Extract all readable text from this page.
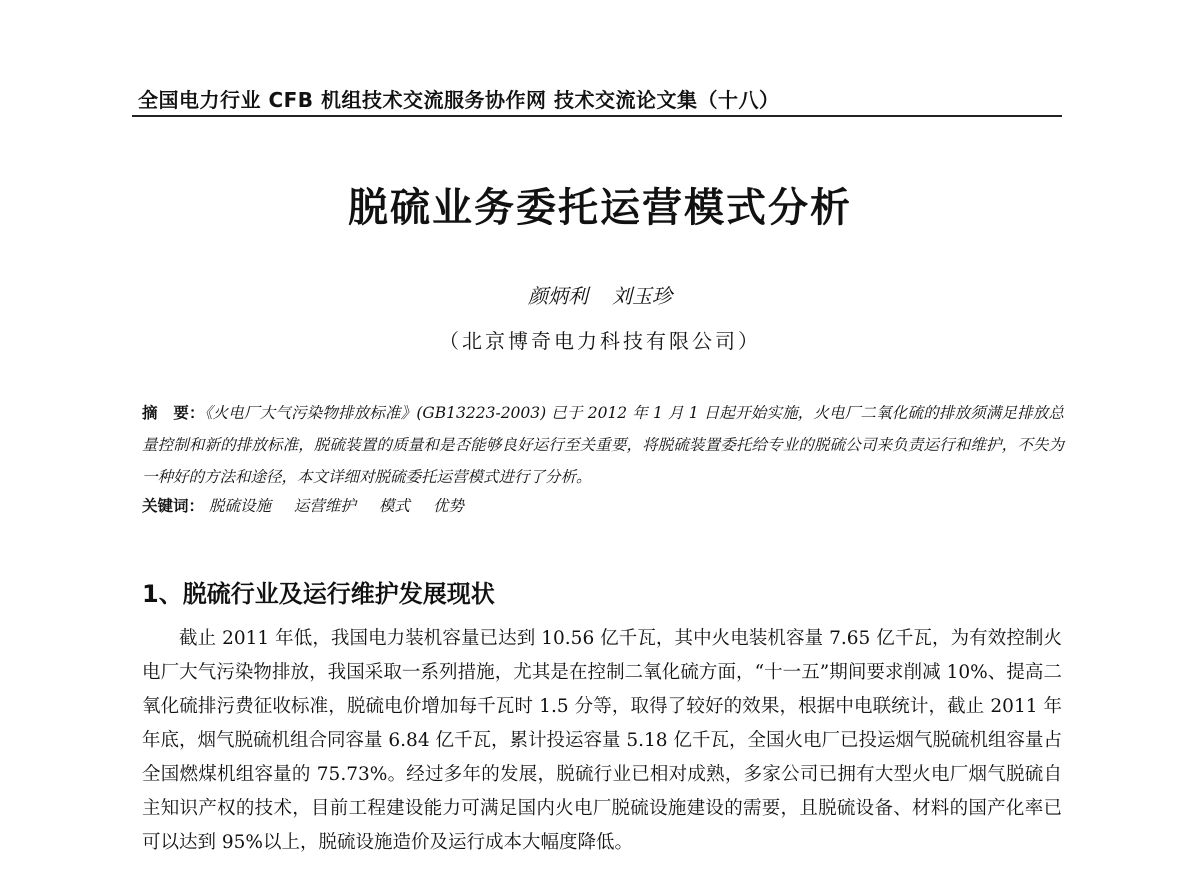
全国电力行业 CFB 机组技术交流服务协作网 技术交流论文集（十八）
脱硫业务委托运营模式分析
颜炳利 刘玉珍
（北京博奇电力科技有限公司）
摘　要：《火电厂大气污染物排放标准》(GB13223-2003) 已于 2012 年 1 月 1 日起开始实施，火电厂二氧化硫的排放须满足排放总量控制和新的排放标准，脱硫装置的质量和是否能够良好运行至关重要，将脱硫装置委托给专业的脱硫公司来负责运行和维护，不失为一种好的方法和途径，本文详细对脱硫委托运营模式进行了分析。
关键词： 脱硫设施 运营维护 模式 优势
1、脱硫行业及运行维护发展现状

截止 2011 年低，我国电力装机容量已达到 10.56 亿千瓦，其中火电装机容量 7.65 亿千瓦，为有效控制火电厂大气污染物排放，我国采取一系列措施，尤其是在控制二氧化硫方面，“十一五”期间要求削减 10%、提高二氧化硫排污费征收标准，脱硫电价增加每千瓦时 1.5 分等，取得了较好的效果，根据中电联统计，截止 2011 年年底，烟气脱硫机组合同容量 6.84 亿千瓦，累计投运容量 5.18 亿千瓦，全国火电厂已投运烟气脱硫机组容量占全国燃煤机组容量的 75.73%。经过多年的发展，脱硫行业已相对成熟，多家公司已拥有大型火电厂烟气脱硫自主知识产权的技术，目前工程建设能力可满足国内火电厂脱硫设施建设的需要，且脱硫设备、材料的国产化率已可以达到 95%以上，脱硫设施造价及运行成本大幅度降低。
